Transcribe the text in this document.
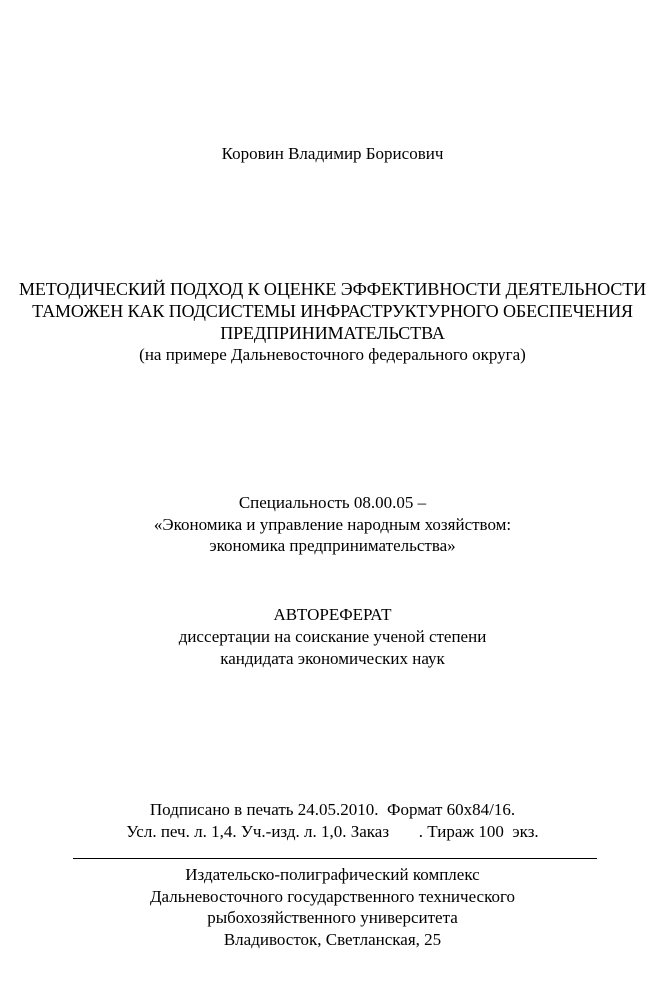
Коровин Владимир Борисович
МЕТОДИЧЕСКИЙ ПОДХОД К ОЦЕНКЕ ЭФФЕКТИВНОСТИ ДЕЯТЕЛЬНОСТИ
ТАМОЖЕН КАК ПОДСИСТЕМЫ ИНФРАСТРУКТУРНОГО ОБЕСПЕЧЕНИЯ
ПРЕДПРИНИМАТЕЛЬСТВА
(на примере Дальневосточного федерального округа)
Специальность 08.00.05 –
«Экономика и управление народным хозяйством:
экономика предпринимательства»
АВТОРЕФЕРАТ
диссертации на соискание ученой степени
кандидата экономических наук
Подписано в печать 24.05.2010.  Формат 60х84/16.
Усл. печ. л. 1,4. Уч.-изд. л. 1,0. Заказ       . Тираж 100  экз.
Издательско-полиграфический комплекс
Дальневосточного государственного технического
рыбохозяйственного университета
Владивосток, Светланская, 25
